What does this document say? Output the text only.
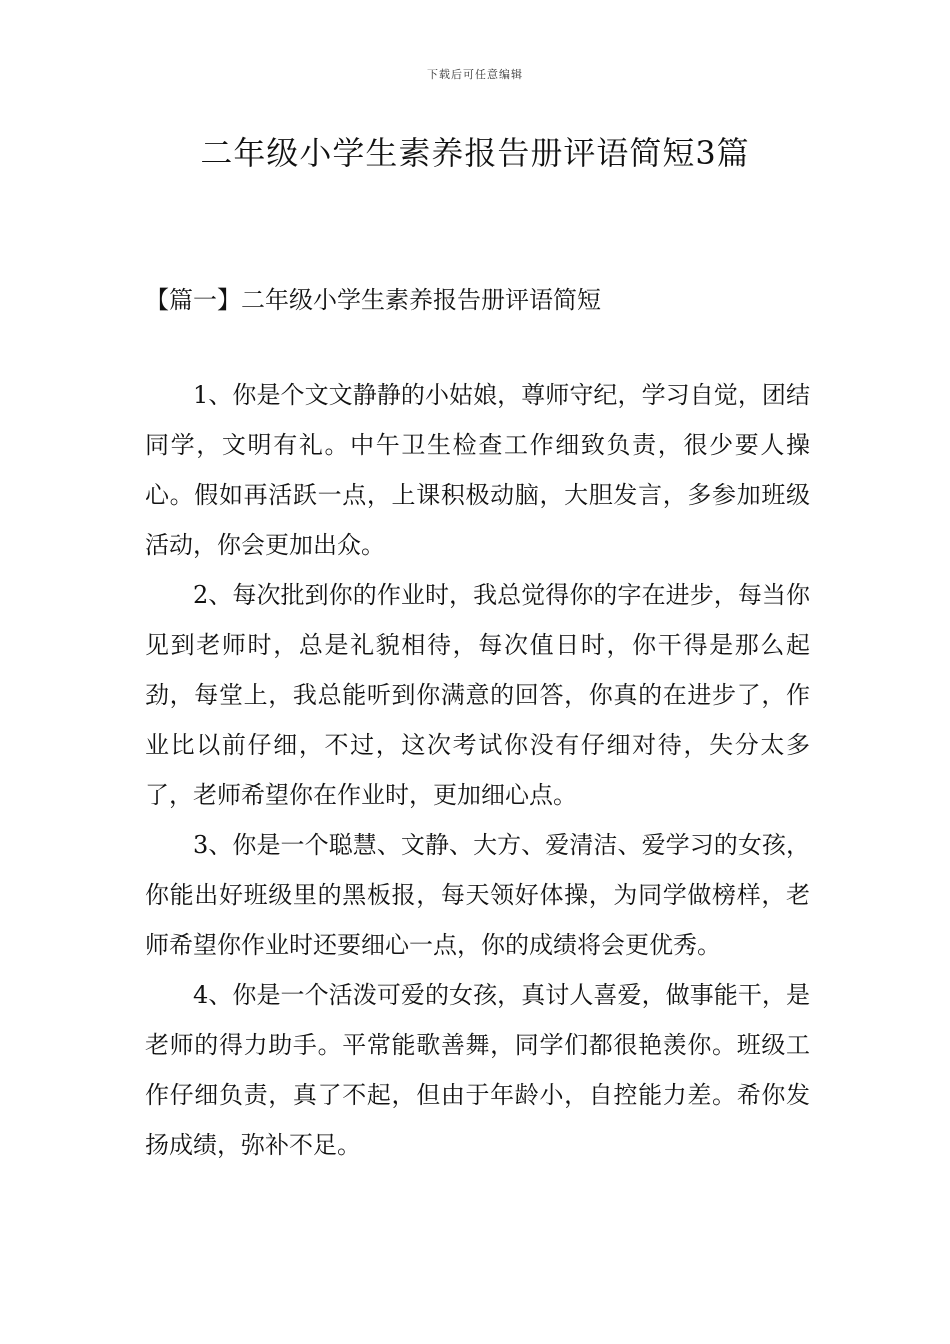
下载后可任意编辑
二年级小学生素养报告册评语简短3篇
【篇一】二年级小学生素养报告册评语简短

1、你是个文文静静的小姑娘，尊师守纪，学习自觉，团结同学，文明有礼。中午卫生检查工作细致负责，很少要人操心。假如再活跃一点，上课积极动脑，大胆发言，多参加班级活动，你会更加出众。

2、每次批到你的作业时，我总觉得你的字在进步，每当你见到老师时，总是礼貌相待，每次值日时，你干得是那么起劲，每堂上，我总能听到你满意的回答，你真的在进步了，作业比以前仔细，不过，这次考试你没有仔细对待，失分太多了，老师希望你在作业时，更加细心点。

3、你是一个聪慧、文静、大方、爱清洁、爱学习的女孩，你能出好班级里的黑板报，每天领好体操，为同学做榜样，老师希望你作业时还要细心一点，你的成绩将会更优秀。

4、你是一个活泼可爱的女孩，真讨人喜爱，做事能干，是老师的得力助手。平常能歌善舞，同学们都很艳羡你。班级工作仔细负责，真了不起，但由于年龄小，自控能力差。希你发扬成绩，弥补不足。
